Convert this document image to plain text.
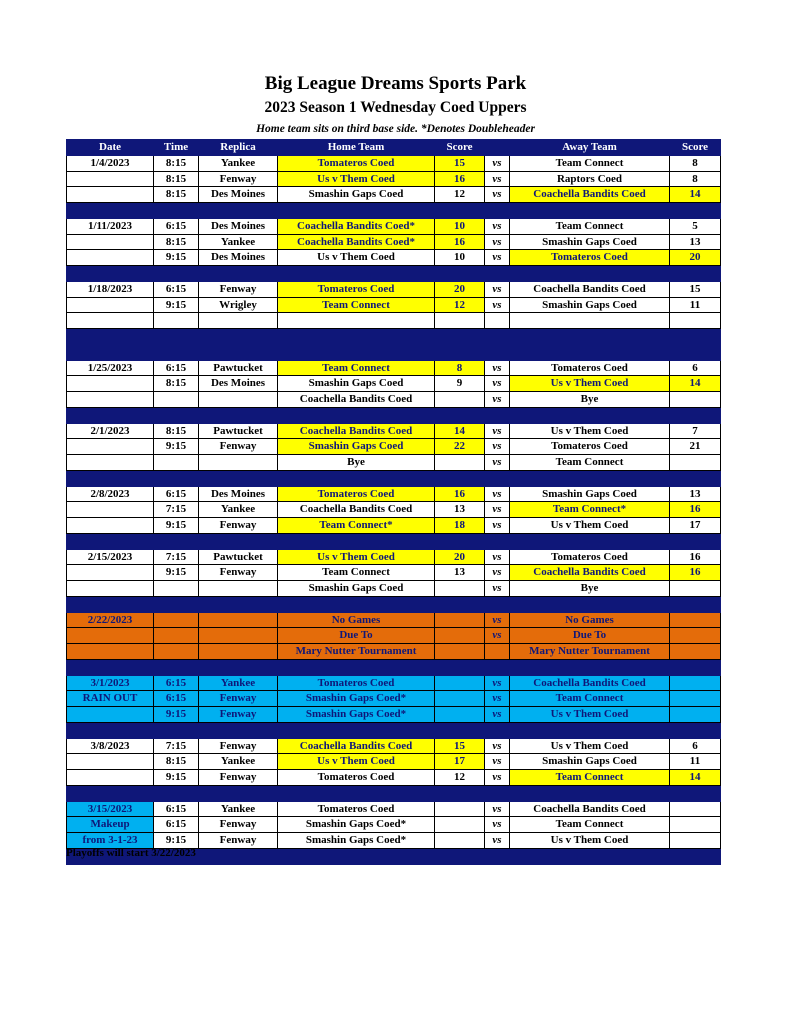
Big League Dreams Sports Park
2023 Season 1 Wednesday Coed Uppers
Home team sits on third base side. *Denotes Doubleheader
Date	Time	Replica	Home Team	Score		Away Team	Score
1/4/2023	8:15	Yankee	Tomateros Coed	15	vs	Team Connect	8
	8:15	Fenway	Us v Them Coed	16	vs	Raptors Coed	8
	8:15	Des Moines	Smashin Gaps Coed	12	vs	Coachella Bandits Coed	14

1/11/2023	6:15	Des Moines	Coachella Bandits Coed*	10	vs	Team Connect	5
	8:15	Yankee	Coachella Bandits Coed*	16	vs	Smashin Gaps Coed	13
	9:15	Des Moines	Us v Them Coed	10	vs	Tomateros Coed	20

1/18/2023	6:15	Fenway	Tomateros Coed	20	vs	Coachella Bandits Coed	15
	9:15	Wrigley	Team Connect	12	vs	Smashin Gaps Coed	11

1/25/2023	6:15	Pawtucket	Team Connect	8	vs	Tomateros Coed	6
	8:15	Des Moines	Smashin Gaps Coed	9	vs	Us v Them Coed	14
			Coachella Bandits Coed		vs	Bye	

2/1/2023	8:15	Pawtucket	Coachella Bandits Coed	14	vs	Us v Them Coed	7
	9:15	Fenway	Smashin Gaps Coed	22	vs	Tomateros Coed	21
			Bye		vs	Team Connect	

2/8/2023	6:15	Des Moines	Tomateros Coed	16	vs	Smashin Gaps Coed	13
	7:15	Yankee	Coachella Bandits Coed	13	vs	Team Connect*	16
	9:15	Fenway	Team Connect*	18	vs	Us v Them Coed	17

2/15/2023	7:15	Pawtucket	Us v Them Coed	20	vs	Tomateros Coed	16
	9:15	Fenway	Team Connect	13	vs	Coachella Bandits Coed	16
			Smashin Gaps Coed		vs	Bye	

2/22/2023			No Games		vs	No Games	
			Due To		vs	Due To	
			Mary Nutter Tournament			Mary Nutter Tournament	

3/1/2023	6:15	Yankee	Tomateros Coed		vs	Coachella Bandits Coed	
RAIN OUT	6:15	Fenway	Smashin Gaps Coed*		vs	Team Connect	
	9:15	Fenway	Smashin Gaps Coed*		vs	Us v Them Coed	

3/8/2023	7:15	Fenway	Coachella Bandits Coed	15	vs	Us v Them Coed	6
	8:15	Yankee	Us v Them Coed	17	vs	Smashin Gaps Coed	11
	9:15	Fenway	Tomateros Coed	12	vs	Team Connect	14

3/15/2023	6:15	Yankee	Tomateros Coed		vs	Coachella Bandits Coed	
Makeup	6:15	Fenway	Smashin Gaps Coed*		vs	Team Connect	
from 3-1-23	9:15	Fenway	Smashin Gaps Coed*		vs	Us v Them Coed	

Playoffs will start 3/22/2023
